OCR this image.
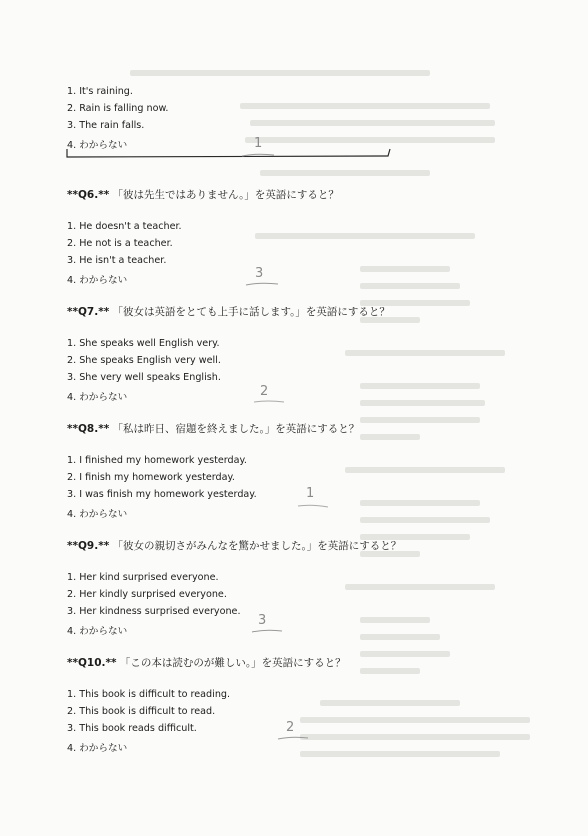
1. It's raining.
2. Rain is falling now.
3. The rain falls.
4. わからない	1
**Q6.** 「彼は先生ではありません。」を英語にすると？
1. He doesn't a teacher.
2. He not is a teacher.
3. He isn't a teacher.
4. わからない	3
**Q7.** 「彼女は英語をとても上手に話します。」を英語にすると？
1. She speaks well English very.
2. She speaks English very well.
3. She very well speaks English.
4. わからない	2
**Q8.** 「私は昨日、宿題を終えました。」を英語にすると？
1. I finished my homework yesterday.
2. I finish my homework yesterday.
3. I was finish my homework yesterday.
4. わからない
1
**Q9.** 「彼女の親切さがみんなを驚かせました。」を英語にすると？
1. Her kind surprised everyone.
2. Her kindly surprised everyone.
3. Her kindness surprised everyone.
4. わからない
3
**Q10.** 「この本は読むのが難しい。」を英語にすると？
1. This book is difficult to reading.
2. This book is difficult to read.
3. This book reads difficult.
4. わからない
2
